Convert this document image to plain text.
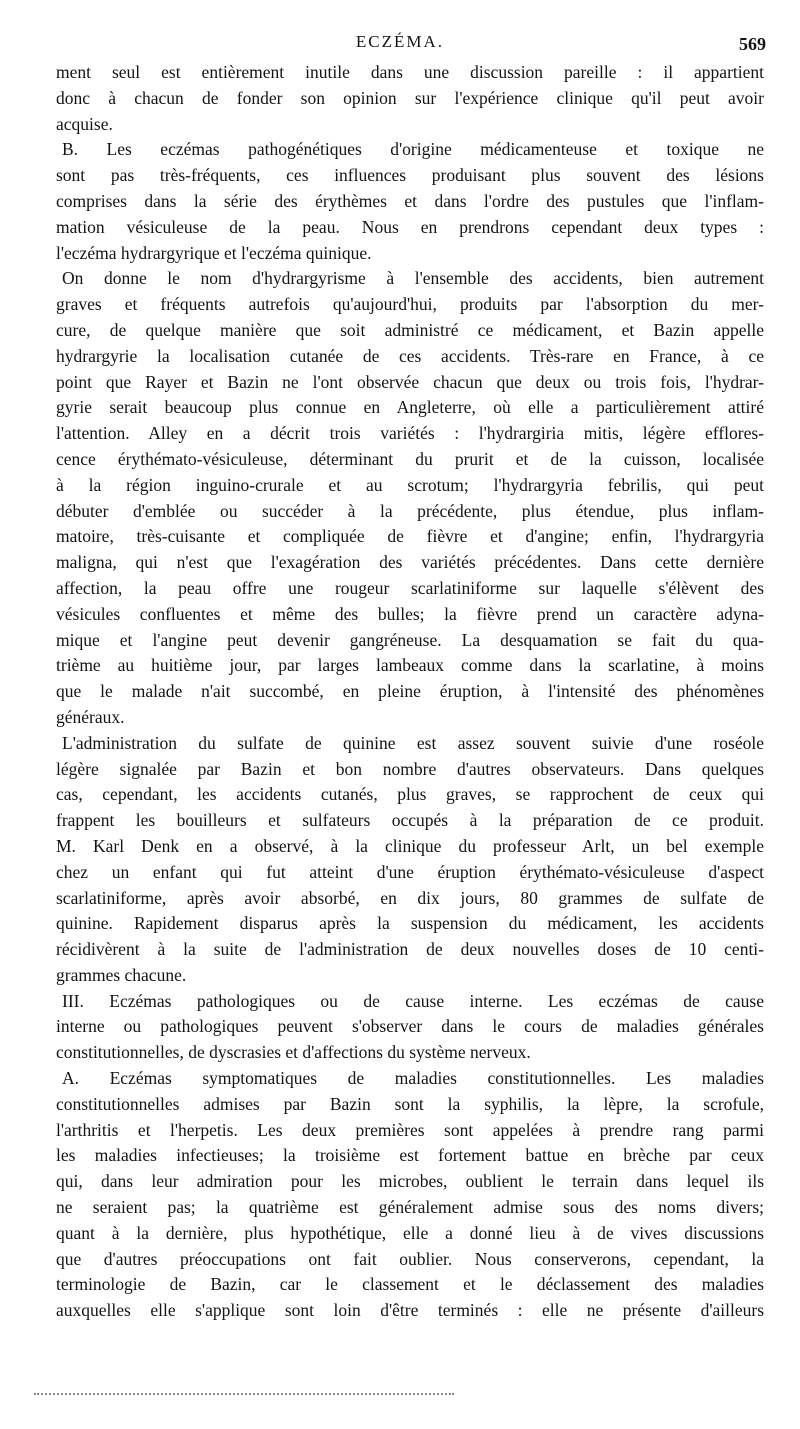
ECZÉMA.	569
ment seul est entièrement inutile dans une discussion pareille : il appartient
donc à chacun de fonder son opinion sur l'expérience clinique qu'il peut avoir
acquise.
B. Les eczémas pathogénétiques d'origine médicamenteuse et toxique ne
sont pas très-fréquents, ces influences produisant plus souvent des lésions
comprises dans la série des érythèmes et dans l'ordre des pustules que l'inflam-
mation vésiculeuse de la peau. Nous en prendrons cependant deux types :
l'eczéma hydrargyrique et l'eczéma quinique.
On donne le nom d'hydrargyrisme à l'ensemble des accidents, bien autrement
graves et fréquents autrefois qu'aujourd'hui, produits par l'absorption du mer-
cure, de quelque manière que soit administré ce médicament, et Bazin appelle
hydrargyrie la localisation cutanée de ces accidents. Très-rare en France, à ce
point que Rayer et Bazin ne l'ont observée chacun que deux ou trois fois, l'hydrar-
gyrie serait beaucoup plus connue en Angleterre, où elle a particulièrement attiré
l'attention. Alley en a décrit trois variétés : l'hydrargiria mitis, légère efflores-
cence érythémato-vésiculeuse, déterminant du prurit et de la cuisson, localisée
à la région inguino-crurale et au scrotum; l'hydrargyria febrilis, qui peut
débuter d'emblée ou succéder à la précédente, plus étendue, plus inflam-
matoire, très-cuisante et compliquée de fièvre et d'angine; enfin, l'hydrargyria
maligna, qui n'est que l'exagération des variétés précédentes. Dans cette dernière
affection, la peau offre une rougeur scarlatiniforme sur laquelle s'élèvent des
vésicules confluentes et même des bulles; la fièvre prend un caractère adyna-
mique et l'angine peut devenir gangréneuse. La desquamation se fait du qua-
trième au huitième jour, par larges lambeaux comme dans la scarlatine, à moins
que le malade n'ait succombé, en pleine éruption, à l'intensité des phénomènes
généraux.
L'administration du sulfate de quinine est assez souvent suivie d'une roséole
légère signalée par Bazin et bon nombre d'autres observateurs. Dans quelques
cas, cependant, les accidents cutanés, plus graves, se rapprochent de ceux qui
frappent les bouilleurs et sulfateurs occupés à la préparation de ce produit.
M. Karl Denk en a observé, à la clinique du professeur Arlt, un bel exemple
chez un enfant qui fut atteint d'une éruption érythémato-vésiculeuse d'aspect
scarlatiniforme, après avoir absorbé, en dix jours, 80 grammes de sulfate de
quinine. Rapidement disparus après la suspension du médicament, les accidents
récidivèrent à la suite de l'administration de deux nouvelles doses de 10 centi-
grammes chacune.
III. Eczémas pathologiques ou de cause interne. Les eczémas de cause
interne ou pathologiques peuvent s'observer dans le cours de maladies générales
constitutionnelles, de dyscrasies et d'affections du système nerveux.
A. Eczémas symptomatiques de maladies constitutionnelles. Les maladies
constitutionnelles admises par Bazin sont la syphilis, la lèpre, la scrofule,
l'arthritis et l'herpetis. Les deux premières sont appelées à prendre rang parmi
les maladies infectieuses; la troisième est fortement battue en brèche par ceux
qui, dans leur admiration pour les microbes, oublient le terrain dans lequel ils
ne seraient pas; la quatrième est généralement admise sous des noms divers;
quant à la dernière, plus hypothétique, elle a donné lieu à de vives discussions
que d'autres préoccupations ont fait oublier. Nous conserverons, cependant, la
terminologie de Bazin, car le classement et le déclassement des maladies
auxquelles elle s'applique sont loin d'être terminés : elle ne présente d'ailleurs
